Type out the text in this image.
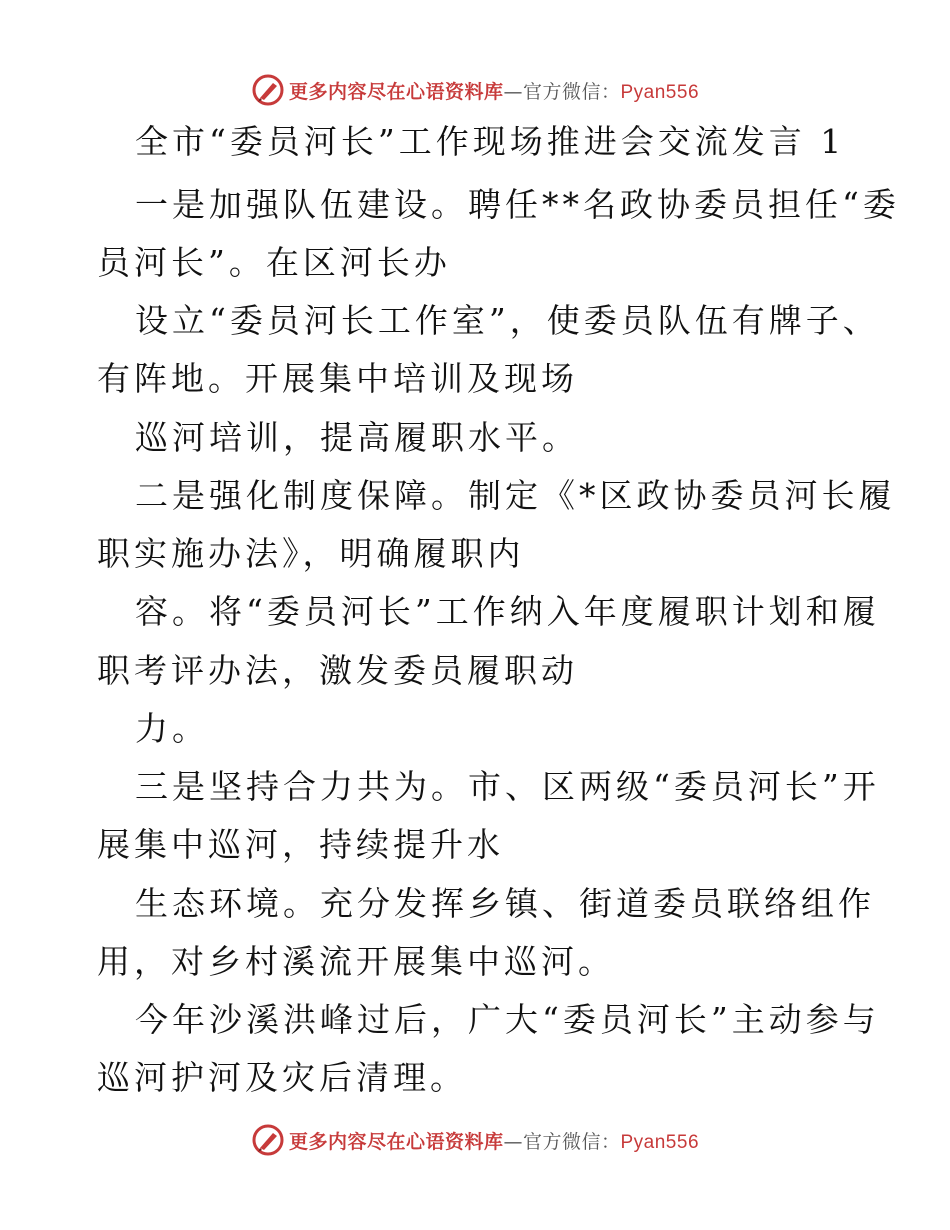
更多内容尽在心语资料库—官方微信：Pyan556
全市“委员河长”工作现场推进会交流发言 1
一是加强队伍建设。聘任**名政协委员担任“委
员河长”。在区河长办
设立“委员河长工作室”，使委员队伍有牌子、
有阵地。开展集中培训及现场
巡河培训，提高履职水平。
二是强化制度保障。制定《*区政协委员河长履
职实施办法》，明确履职内
容。将“委员河长”工作纳入年度履职计划和履
职考评办法，激发委员履职动
力。
三是坚持合力共为。市、区两级“委员河长”开
展集中巡河，持续提升水
生态环境。充分发挥乡镇、街道委员联络组作
用，对乡村溪流开展集中巡河。
今年沙溪洪峰过后，广大“委员河长”主动参与
巡河护河及灾后清理。
更多内容尽在心语资料库—官方微信：Pyan556
